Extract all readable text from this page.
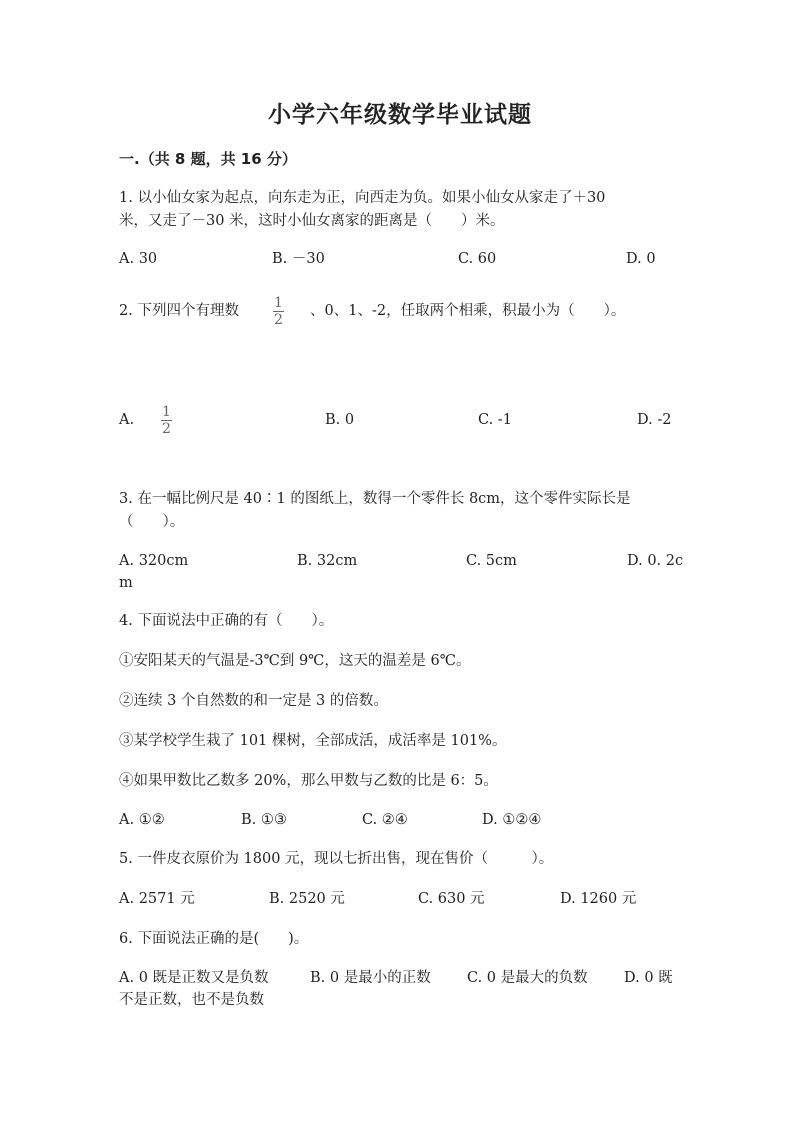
小学六年级数学毕业试题
一.（共 8 题，共 16 分）
1. 以小仙女家为起点，向东走为正，向西走为负。如果小仙女从家走了＋30
米，又走了－30 米，这时小仙女离家的距离是（　　）米。
A. 30	B. －30	C. 60	D. 0
2. 下列四个有理数	1
2
、0、1、-2，任取两个相乘，积最小为（　　）。
A. 1
2
B. 0	C. -1	D. -2
3. 在一幅比例尺是 40∶1 的图纸上，数得一个零件长 8cm，这个零件实际长是
（　　）。
A. 320cm	B. 32cm	C. 5cm	D. 0. 2c
m
4. 下面说法中正确的有（　　）。
①安阳某天的气温是-3℃到 9℃，这天的温差是 6℃。
②连续 3 个自然数的和一定是 3 的倍数。
③某学校学生栽了 101 棵树，全部成活，成活率是 101%。
④如果甲数比乙数多 20%，那么甲数与乙数的比是 6：5。
A. ①②	B. ①③	C. ②④	D. ①②④
5. 一件皮衣原价为 1800 元，现以七折出售，现在售价（　　　）。
A. 2571 元	B. 2520 元	C. 630 元	D. 1260 元
6. 下面说法正确的是(　　)。
A. 0 既是正数又是负数	B. 0 是最小的正数	C. 0 是最大的负数	D. 0 既
不是正数，也不是负数
